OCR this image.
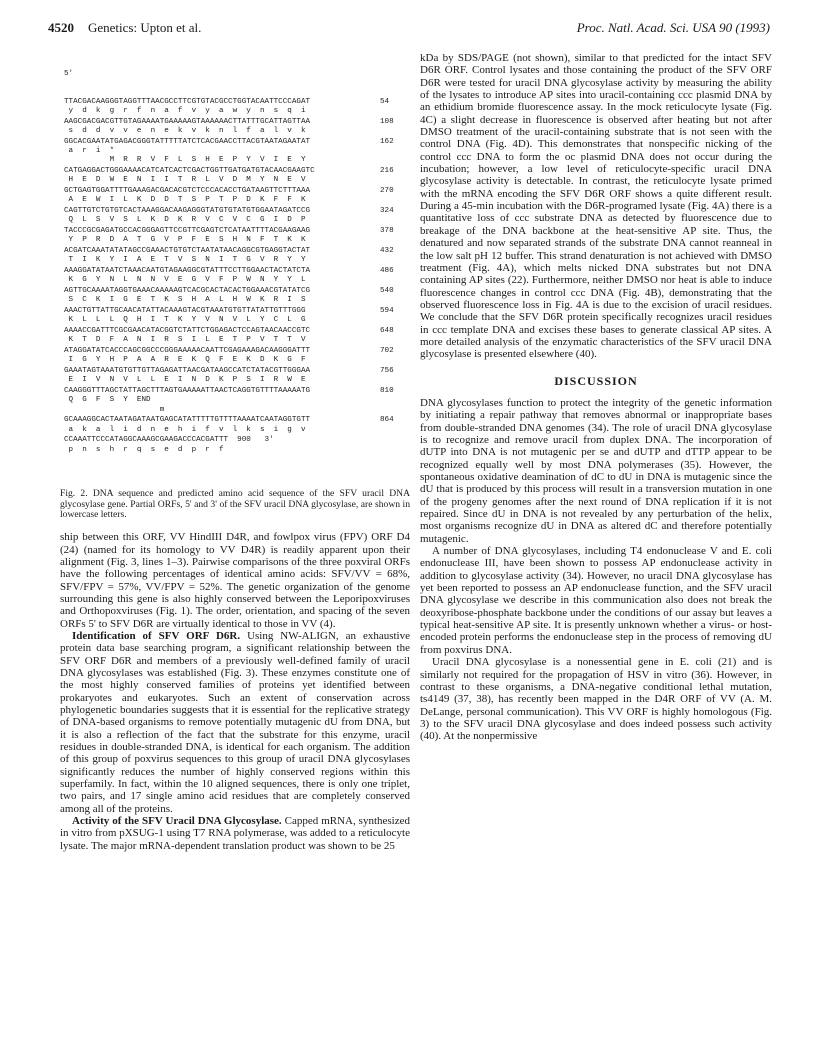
4520 Genetics: Upton et al.	Proc. Natl. Acad. Sci. USA 90 (1993)

5'

TTACGACAAGGGTAGGTTTAACGCCTTCGTGTACGCCTGGTACAATTCCCAGAT	54
y  d  k  g  r  f  n  a  f  v  y  a  w  y  n  s  q  i
AAGCGACGACGTTGTAGAAAATGAAAAAGTAAAAAACTTATTTGCATTAGTTAA	108
s  d  d  v  v  e  n  e  k  v  k  n  l  f  a  l  v  k
GGCACGAATATGAGACGGGTATTTTTATCTCACGAACCTTACGTAATAGAATAT	162
a  r  i  *
M  R  R  V  F  L  S  H  E  P  Y  V  I  E  Y
CATGAGGACTGGGAAAACATCATCACTCGACTGGTTGATGATGTACAACGAAGTC	216
H  E  D  W  E  N  I  I  T  R  L  V  D  M  Y  N  E  V
GCTGAGTGGATTTTGAAAGACGACACGTCTCCCACACCTGATAAGTTCTTTAAA	270
A  E  W  I  L  K  D  D  T  S  P  T  P  D  K  F  F  K
CAGTTGTCTGTGTCACTAAAGGACAAGAGGGTATGTGTATGTGGAATAGATCCG	324
Q  L  S  V  S  L  K  D  K  R  V  C  V  C  G  I  D  P
TACCCGCGAGATGCCACGGGAGTTCCGTTCGAGTCTCATAATTTTACGAAGAAG	378
Y  P  R  D  A  T  G  V  P  F  E  S  H  N  F  T  K  K
ACGATCAAATATATAGCCGAAACTGTGTCTAATATAACAGGCGTGAGGTACTAT	432
T  I  K  Y  I  A  E  T  V  S  N  I  T  G  V  R  Y  Y
AAAGGATATAATCTAAACAATGTAGAAGGCGTATTTCCTTGGAACTACTATCTA	486
K  G  Y  N  L  N  N  V  E  G  V  F  P  W  N  Y  Y  L
AGTTGCAAAATAGGTGAAACAAAAAGTCACGCACTACACTGGAAACGTATATCG	540
S  C  K  I  G  E  T  K  S  H  A  L  H  W  K  R  I  S
AAACTGTTATTGCAACATATTACAAAGTACGTAAATGTGTTATATTGTTTGGG	594
K  L  L  L  Q  H  I  T  K  Y  V  N  V  L  Y  C  L  G
AAAACCGATTTCGCGAACATACGGTCTATTCTGGAGACTCCAGTAACAACCGTC	648
K  T  D  F  A  N  I  R  S  I  L  E  T  P  V  T  T  V
ATAGGATATCACCCAGCGGCCCGGGAAAAACAATTCGAGAAAGACAAGGGATTT	702
I  G  Y  H  P  A  A  R  E  K  Q  F  E  K  D  K  G  F
GAAATAGTAAATGTGTTGTTAGAGATTAACGATAAGCCATCTATACGTTGGGAA	756
E  I  V  N  V  L  L  E  I  N  D  K  P  S  I  R  W  E
CAAGGGTTTAGCTATTAGCTTTAGTGAAAAATTAACTCAGGTGTTTTAAAAATG	810
Q  G  F  S  Y  END
m
GCAAAGGCACTAATAGATAATGAGCATATTTTTGTTTTAAAATCAATAGGTGTT	864
a  k  a  l  i  d  n  e  h  i  f  v  l  k  s  i  g  v
CCAAATTCCCATAGGCAAAGCGAAGACCCACGATTT  900   3'
p  n  s  h  r  q  s  e  d  p  r  f

Fig. 2. DNA sequence and predicted amino acid sequence of the SFV uracil DNA glycosylase gene. Partial ORFs, 5' and 3' of the SFV uracil DNA glycosylase, are shown in lowercase letters.

ship between this ORF, VV HindIII D4R, and fowlpox virus (FPV) ORF D4 (24) (named for its homology to VV D4R) is readily apparent upon their alignment (Fig. 3, lines 1–3). Pairwise comparisons of the three poxviral ORFs have the following percentages of identical amino acids: SFV/VV = 68%, SFV/FPV = 57%, VV/FPV = 52%. The genetic organization of the genome surrounding this gene is also highly conserved between the Leporipoxviruses and Orthopoxviruses (Fig. 1). The order, orientation, and spacing of the seven ORFs 5' to SFV D6R are virtually identical to those in VV (4).

Identification of SFV ORF D6R. Using NW-ALIGN, an exhaustive protein data base searching program, a significant relationship between the SFV ORF D6R and members of a previously well-defined family of uracil DNA glycosylases was established (Fig. 3). These enzymes constitute one of the most highly conserved families of proteins yet identified between prokaryotes and eukaryotes. Such an extent of conservation across phylogenetic boundaries suggests that it is essential for the replicative strategy of DNA-based organisms to remove potentially mutagenic dU from DNA, but it is also a reflection of the fact that the substrate for this enzyme, uracil residues in double-stranded DNA, is identical for each organism. The addition of this group of poxvirus sequences to this group of uracil DNA glycosylases significantly reduces the number of highly conserved regions within this superfamily. In fact, within the 10 aligned sequences, there is only one triplet, two pairs, and 17 single amino acid residues that are completely conserved among all of the proteins.

Activity of the SFV Uracil DNA Glycosylase. Capped mRNA, synthesized in vitro from pXSUG-1 using T7 RNA polymerase, was added to a reticulocyte lysate. The major mRNA-dependent translation product was shown to be 25

kDa by SDS/PAGE (not shown), similar to that predicted for the intact SFV D6R ORF. Control lysates and those containing the product of the SFV ORF D6R were tested for uracil DNA glycosylase activity by measuring the ability of the lysates to introduce AP sites into uracil-containing ccc plasmid DNA by an ethidium bromide fluorescence assay. In the mock reticulocyte lysate (Fig. 4C) a slight decrease in fluorescence is observed after heating but not after DMSO treatment of the uracil-containing substrate that is not seen with the control DNA (Fig. 4D). This demonstrates that nonspecific nicking of the control ccc DNA to form the oc plasmid DNA does not occur during the incubation; however, a low level of reticulocyte-specific uracil DNA glycosylase activity is detectable. In contrast, the reticulocyte lysate primed with the mRNA encoding the SFV D6R ORF shows a quite different result. During a 45-min incubation with the D6R-programed lysate (Fig. 4A) there is a quantitative loss of ccc substrate DNA as detected by fluorescence due to breakage of the DNA backbone at the heat-sensitive AP site. Thus, the denatured and now separated strands of the substrate DNA cannot reanneal in the low salt pH 12 buffer. This strand denaturation is not achieved with DMSO treatment (Fig. 4A), which melts nicked DNA substrates but not DNA containing AP sites (22). Furthermore, neither DMSO nor heat is able to induce fluorescence changes in control ccc DNA (Fig. 4B), demonstrating that the observed fluorescence loss in Fig. 4A is due to the excision of uracil residues. We conclude that the SFV D6R protein specifically recognizes uracil residues in ccc template DNA and excises these bases to generate classical AP sites. A more detailed analysis of the enzymatic characteristics of the SFV uracil DNA glycosylase is presented elsewhere (40).

DISCUSSION

DNA glycosylases function to protect the integrity of the genetic information by initiating a repair pathway that removes abnormal or inappropriate bases from double-stranded DNA genomes (34). The role of uracil DNA glycosylase is to recognize and remove uracil from duplex DNA. The incorporation of dUTP into DNA is not mutagenic per se and dUTP and dTTP appear to be recognized equally well by most DNA polymerases (35). However, the spontaneous oxidative deamination of dC to dU in DNA is mutagenic since the dU that is produced by this process will result in a transversion mutation in one of the progeny genomes after the next round of DNA replication if it is not repaired. Since dU in DNA is not revealed by any perturbation of the helix, most organisms recognize dU in DNA as altered dC and therefore potentially mutagenic.

A number of DNA glycosylases, including T4 endonuclease V and E. coli endonuclease III, have been shown to possess AP endonuclease activity in addition to glycosylase activity (34). However, no uracil DNA glycosylase has yet been reported to possess an AP endonuclease function, and the SFV uracil DNA glycosylase we describe in this communication also does not break the deoxyribose-phosphate backbone under the conditions of our assay but leaves a typical heat-sensitive AP site. It is presently unknown whether a virus- or host-encoded protein performs the endonuclease step in the process of removing dU from poxvirus DNA.

Uracil DNA glycosylase is a nonessential gene in E. coli (21) and is similarly not required for the propagation of HSV in vitro (36). However, in contrast to these organisms, a DNA-negative conditional lethal mutation, ts4149 (37, 38), has recently been mapped in the D4R ORF of VV (A. M. DeLange, personal communication). This VV ORF is highly homologous (Fig. 3) to the SFV uracil DNA glycosylase and does indeed possess such activity (40). At the nonpermissive
